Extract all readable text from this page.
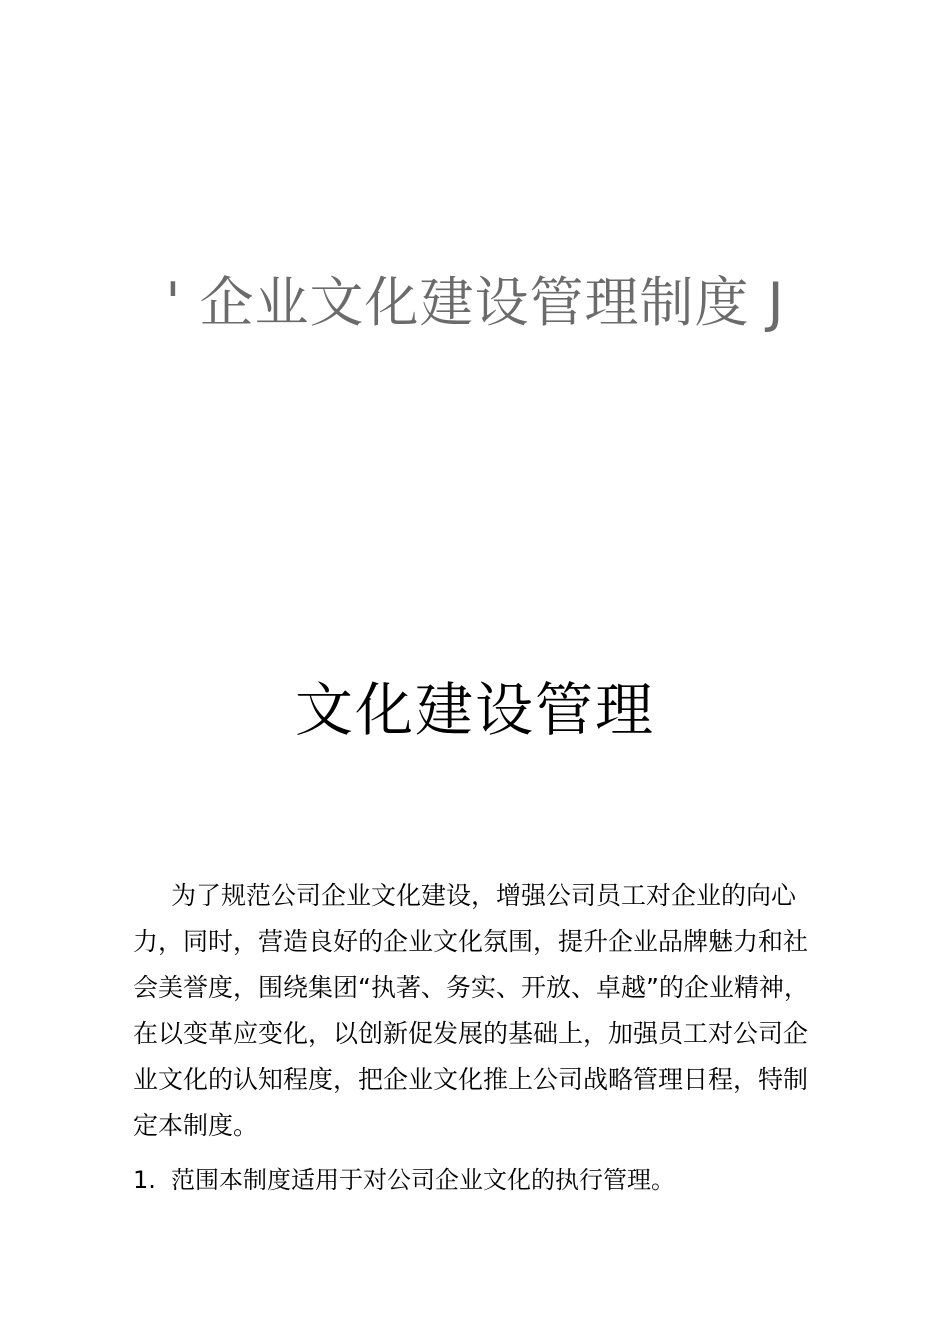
' 企业文化建设管理制度 J
文化建设管理
为了规范公司企业文化建设，增强公司员工对企业的向心
力，同时，营造良好的企业文化氛围，提升企业品牌魅力和社
会美誉度，围绕集团“执著、务实、开放、卓越”的企业精神，
在以变革应变化，以创新促发展的基础上，加强员工对公司企
业文化的认知程度，把企业文化推上公司战略管理日程，特制
定本制度。
1. 范围本制度适用于对公司企业文化的执行管理。
